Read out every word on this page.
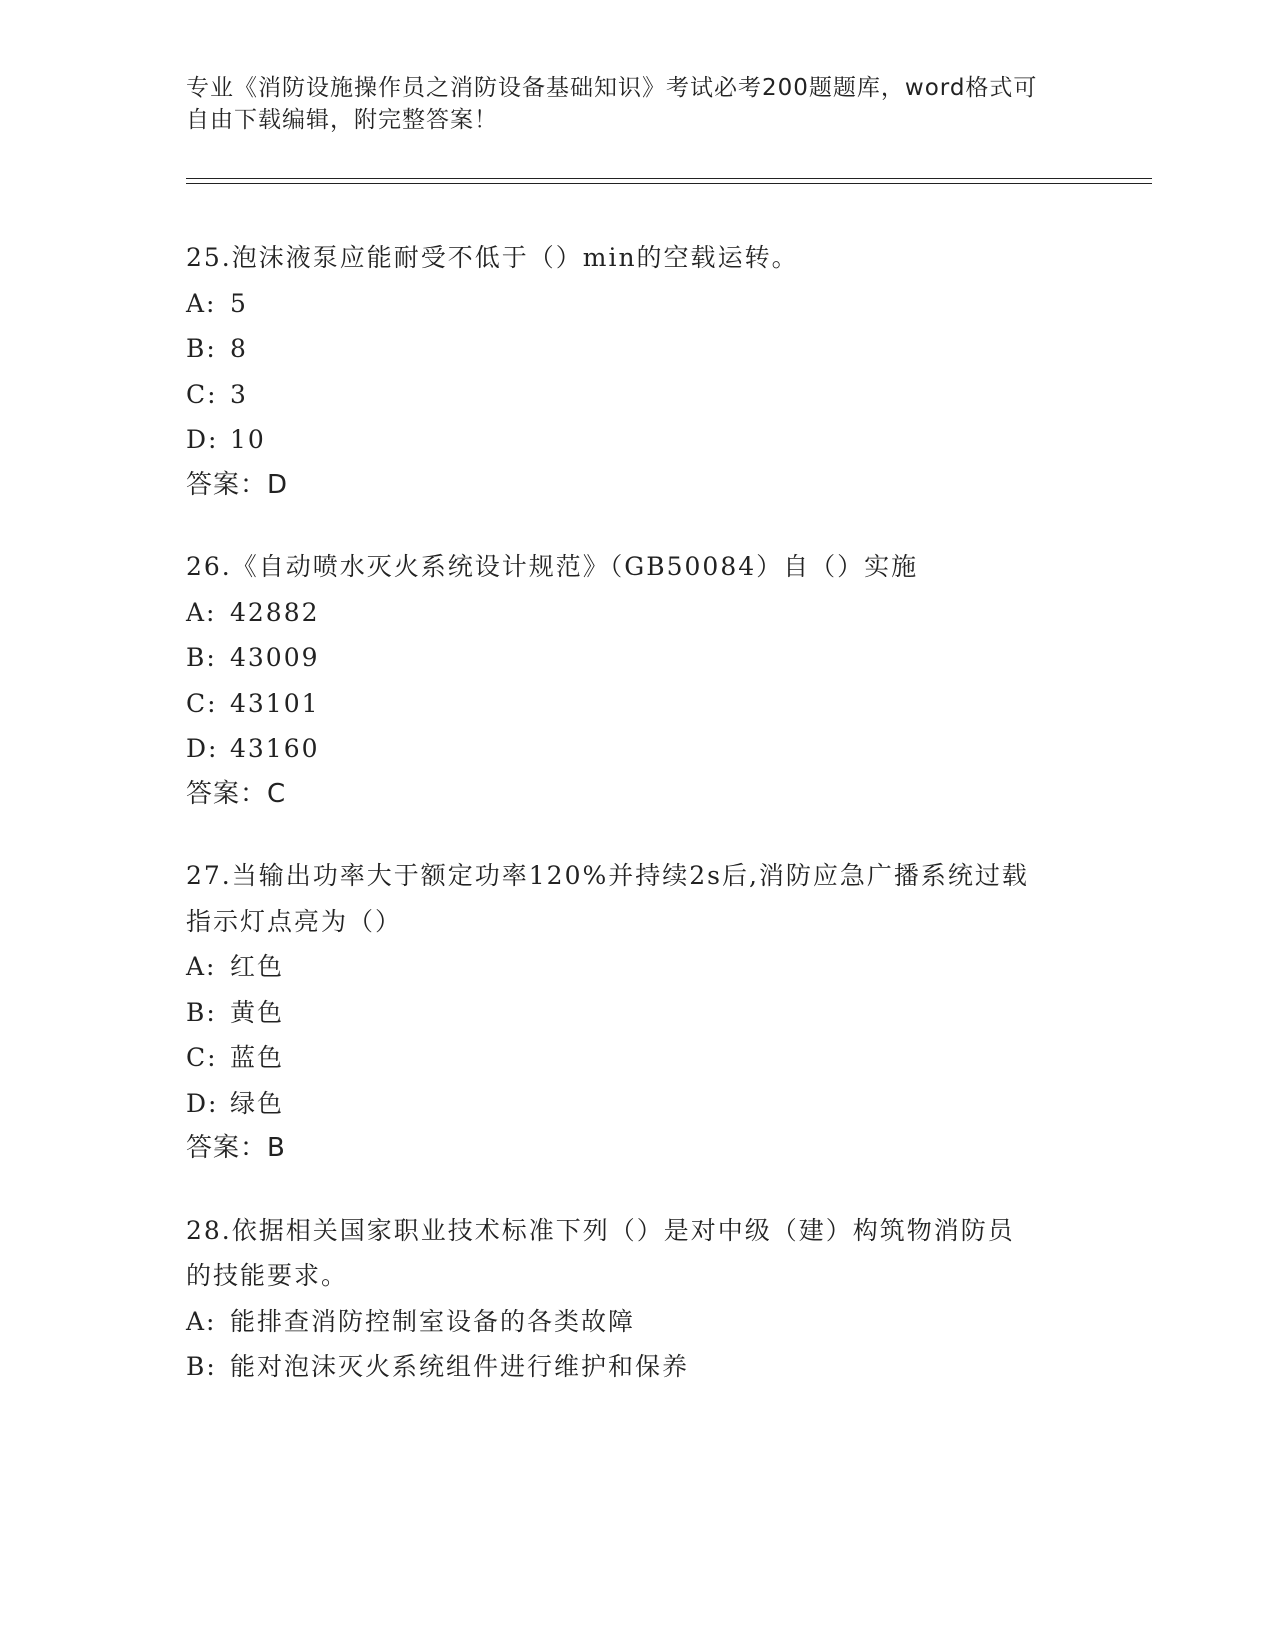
专业《消防设施操作员之消防设备基础知识》考试必考200题题库，word格式可
自由下载编辑，附完整答案！
25.泡沫液泵应能耐受不低于（）min的空载运转。
A: 5
B: 8
C: 3
D: 10
答案：D
26.《自动喷水灭火系统设计规范》（GB50084）自（）实施
A: 42882
B: 43009
C: 43101
D: 43160
答案：C
27.当输出功率大于额定功率120%并持续2s后,消防应急广播系统过载
指示灯点亮为（）
A: 红色
B: 黄色
C: 蓝色
D: 绿色
答案：B
28.依据相关国家职业技术标准下列（）是对中级（建）构筑物消防员
的技能要求。
A: 能排查消防控制室设备的各类故障
B: 能对泡沫灭火系统组件进行维护和保养
